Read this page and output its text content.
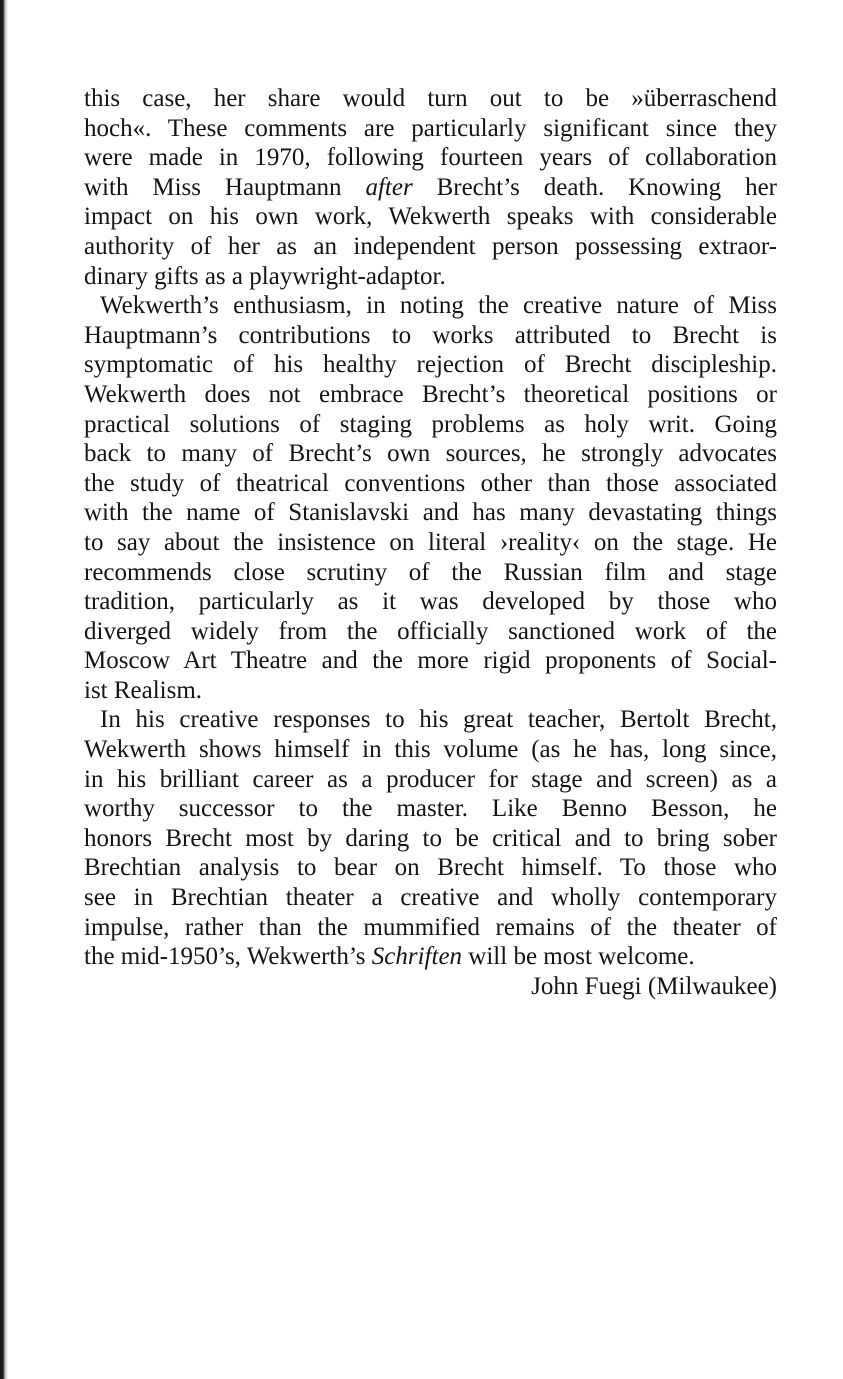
this case, her share would turn out to be »überraschend
hoch«. These comments are particularly significant since they
were made in 1970, following fourteen years of collaboration
with Miss Hauptmann after Brecht’s death. Knowing her
impact on his own work, Wekwerth speaks with considerable
authority of her as an independent person possessing extraor-
dinary gifts as a playwright-adaptor.

Wekwerth’s enthusiasm, in noting the creative nature of Miss
Hauptmann’s contributions to works attributed to Brecht is
symptomatic of his healthy rejection of Brecht discipleship.
Wekwerth does not embrace Brecht’s theoretical positions or
practical solutions of staging problems as holy writ. Going
back to many of Brecht’s own sources, he strongly advocates
the study of theatrical conventions other than those associated
with the name of Stanislavski and has many devastating things
to say about the insistence on literal ›reality‹ on the stage. He
recommends close scrutiny of the Russian film and stage
tradition, particularly as it was developed by those who
diverged widely from the officially sanctioned work of the
Moscow Art Theatre and the more rigid proponents of Social-
ist Realism.

In his creative responses to his great teacher, Bertolt Brecht,
Wekwerth shows himself in this volume (as he has, long since,
in his brilliant career as a producer for stage and screen) as a
worthy successor to the master. Like Benno Besson, he
honors Brecht most by daring to be critical and to bring sober
Brechtian analysis to bear on Brecht himself. To those who
see in Brechtian theater a creative and wholly contemporary
impulse, rather than the mummified remains of the theater of
the mid-1950’s, Wekwerth’s Schriften will be most welcome.

John Fuegi (Milwaukee)
